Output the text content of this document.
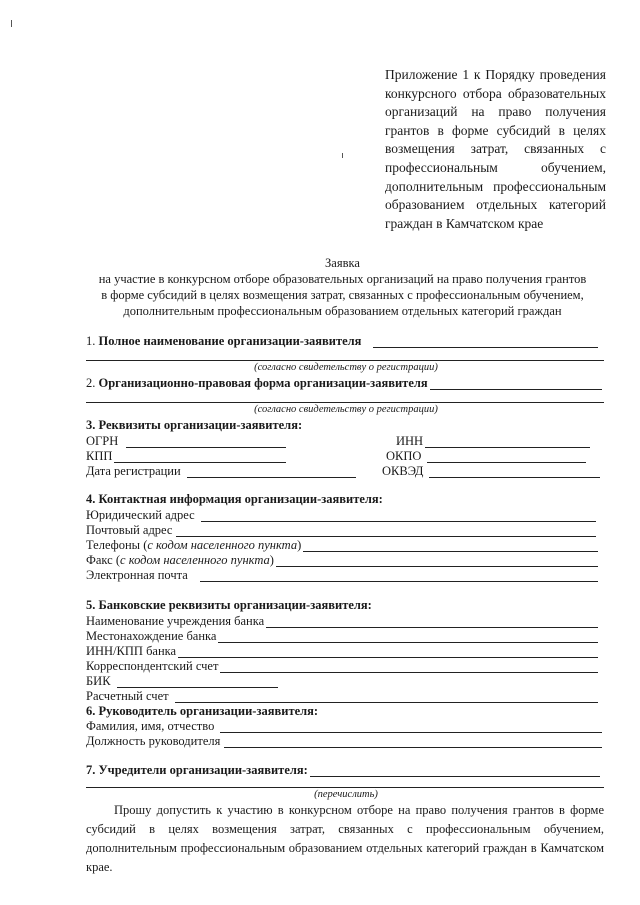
Приложение 1 к Порядку проведения конкурсного отбора образовательных организаций на право получения грантов в форме субсидий в целях возмещения затрат, связанных с профессиональным обучением, дополнительным профессиональным образованием отдельных категорий граждан в Камчатском крае
Заявка
на участие в конкурсном отборе образовательных организаций на право получения грантов
в форме субсидий в целях возмещения затрат, связанных с профессиональным обучением,
дополнительным профессиональным образованием отдельных категорий граждан
1.
Полное наименование организации-заявителя
(согласно свидетельству о регистрации)
2.
Организационно-правовая форма организации-заявителя
(согласно свидетельству о регистрации)
3. Реквизиты организации-заявителя:
ОГРН	ИНН
КПП	ОКПО
Дата регистрации	ОКВЭД
4. Контактная информация организации-заявителя:
Юридический адрес
Почтовый адрес
Телефоны ( с кодом населенного пункта )
Факс ( с кодом населенного пункта )
Электронная почта
5. Банковские реквизиты организации-заявителя:
Наименование учреждения банка
Местонахождение банка
ИНН/КПП банка
Корреспондентский счет
БИК
Расчетный счет
6. Руководитель организации-заявителя:
Фамилия, имя, отчество
Должность руководителя
7. Учредители организации-заявителя:
(перечислить)
Прошу допустить к участию в конкурсном отборе на право получения грантов в форме субсидий в целях возмещения затрат, связанных с профессиональным обучением, дополнительным профессиональным образованием отдельных категорий граждан в Камчатском крае.
